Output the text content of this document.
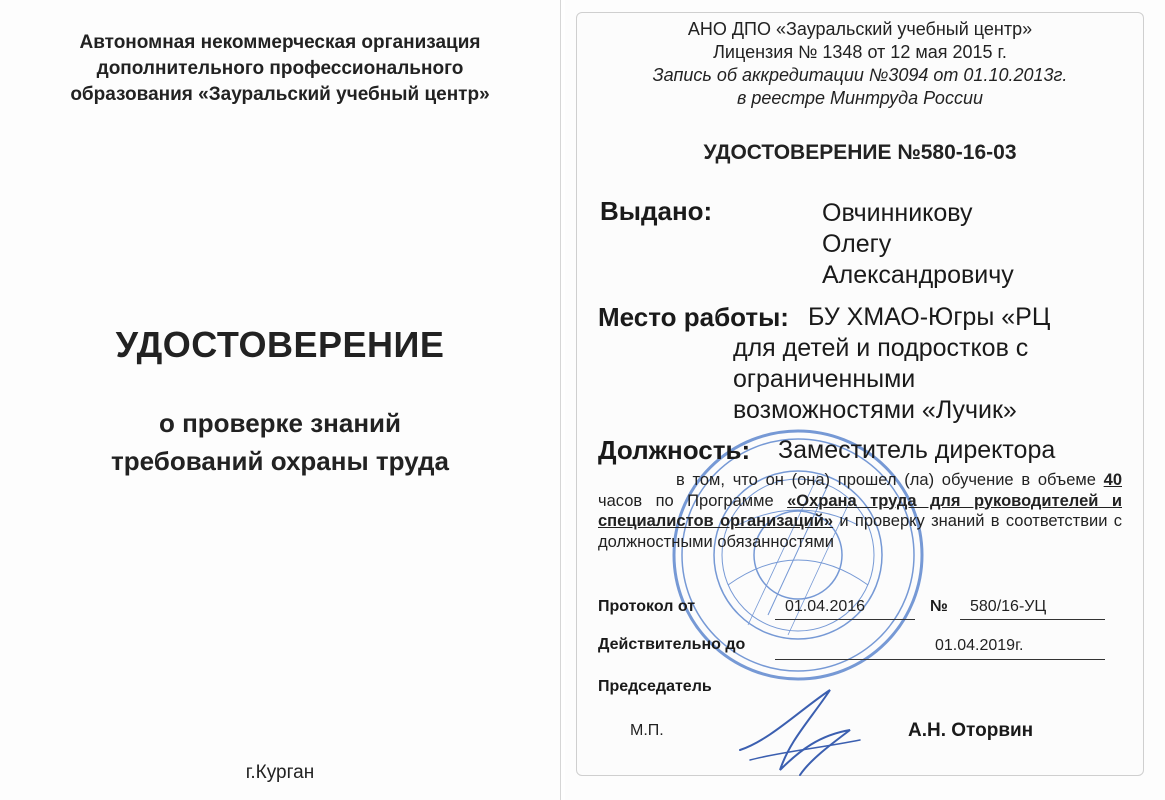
Автономная некоммерческая организация
дополнительного профессионального
образования «Зауральский учебный центр»
УДОСТОВЕРЕНИЕ
о проверке знаний
требований охраны труда
г.Курган
АНО ДПО «Зауральский учебный центр»
Лицензия № 1348 от 12 мая 2015 г.
Запись об аккредитации №3094 от 01.10.2013г.
в реестре Минтруда России
УДОСТОВЕРЕНИЕ №580-16-03
Выдано:	Овчинникову
Олегу
Александровичу
Место работы: БУ ХМАО-Югры «РЦ
для детей и подростков с
ограниченными
возможностями «Лучик»
Должность: Заместитель директора
в том, что он (она) прошел (ла) обучение в объеме 40 часов по Программе «Охрана труда для руководителей и специалистов организаций» и проверку знаний в соответствии с должностными обязанностями
Протокол от	01.04.2016	№ 580/16-УЦ
Действительно до	01.04.2019г.
Председатель
М.П.	А.Н. Оторвин
